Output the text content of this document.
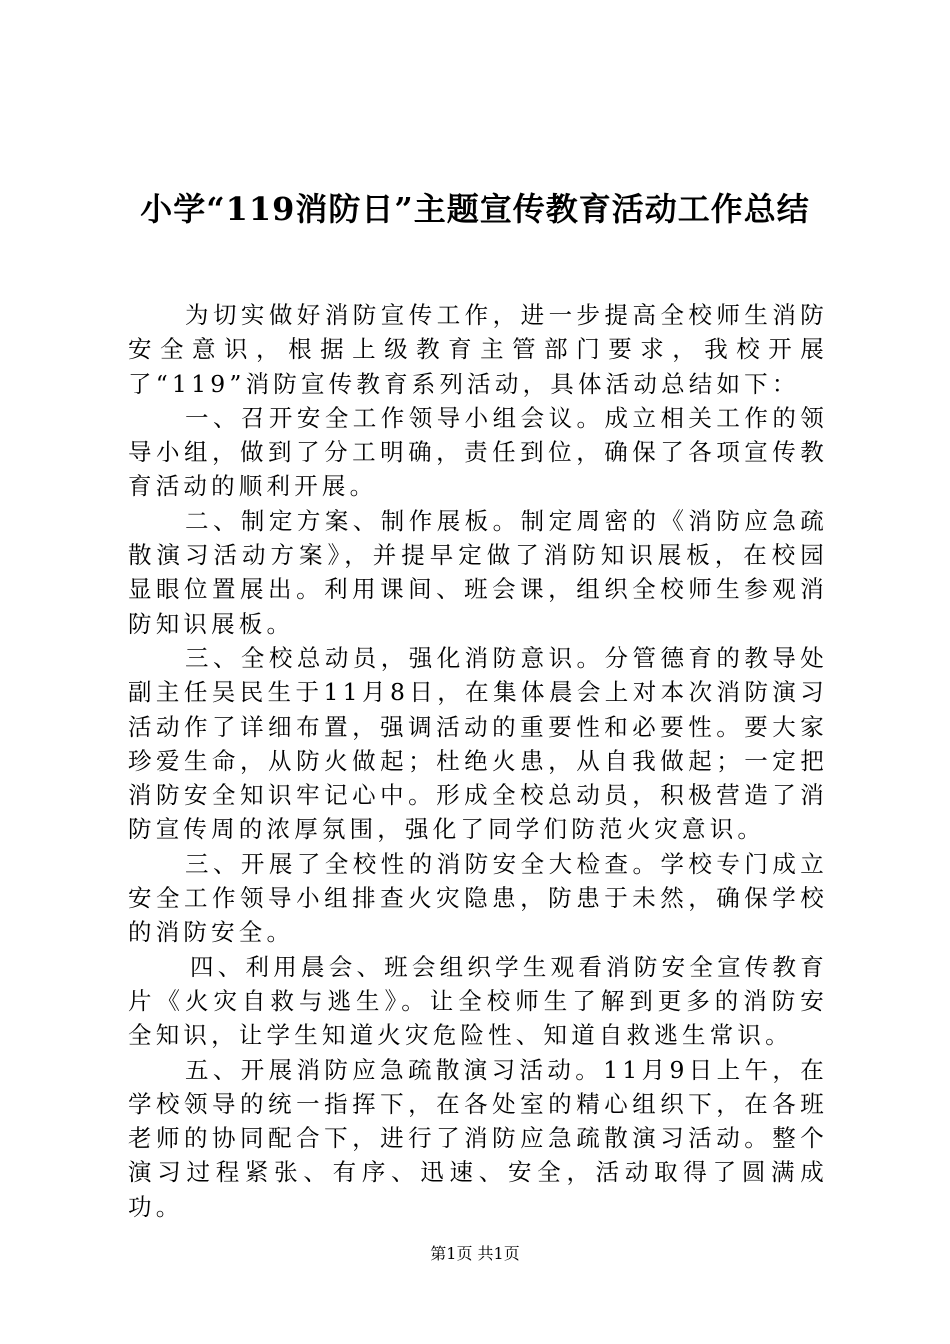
小学“119消防日”主题宣传教育活动工作总结

为切实做好消防宣传工作，进一步提高全校师生消防安全意识，根据上级教育主管部门要求，我校开展了“119”消防宣传教育系列活动，具体活动总结如下：

一、召开安全工作领导小组会议。成立相关工作的领导小组，做到了分工明确，责任到位，确保了各项宣传教育活动的顺利开展。

二、制定方案、制作展板。制定周密的《消防应急疏散演习活动方案》，并提早定做了消防知识展板，在校园显眼位置展出。利用课间、班会课，组织全校师生参观消防知识展板。

三、全校总动员，强化消防意识。分管德育的教导处副主任吴民生于11月8日，在集体晨会上对本次消防演习活动作了详细布置，强调活动的重要性和必要性。要大家珍爱生命，从防火做起；杜绝火患，从自我做起；一定把消防安全知识牢记心中。形成全校总动员，积极营造了消防宣传周的浓厚氛围，强化了同学们防范火灾意识。

三、开展了全校性的消防安全大检查。学校专门成立安全工作领导小组排查火灾隐患，防患于未然，确保学校的消防安全。

四、利用晨会、班会组织学生观看消防安全宣传教育片《火灾自救与逃生》。让全校师生了解到更多的消防安全知识，让学生知道火灾危险性、知道自救逃生常识。

五、开展消防应急疏散演习活动。11月9日上午，在学校领导的统一指挥下，在各处室的精心组织下，在各班老师的协同配合下，进行了消防应急疏散演习活动。整个演习过程紧张、有序、迅速、安全，活动取得了圆满成功。

第1页 共1页
